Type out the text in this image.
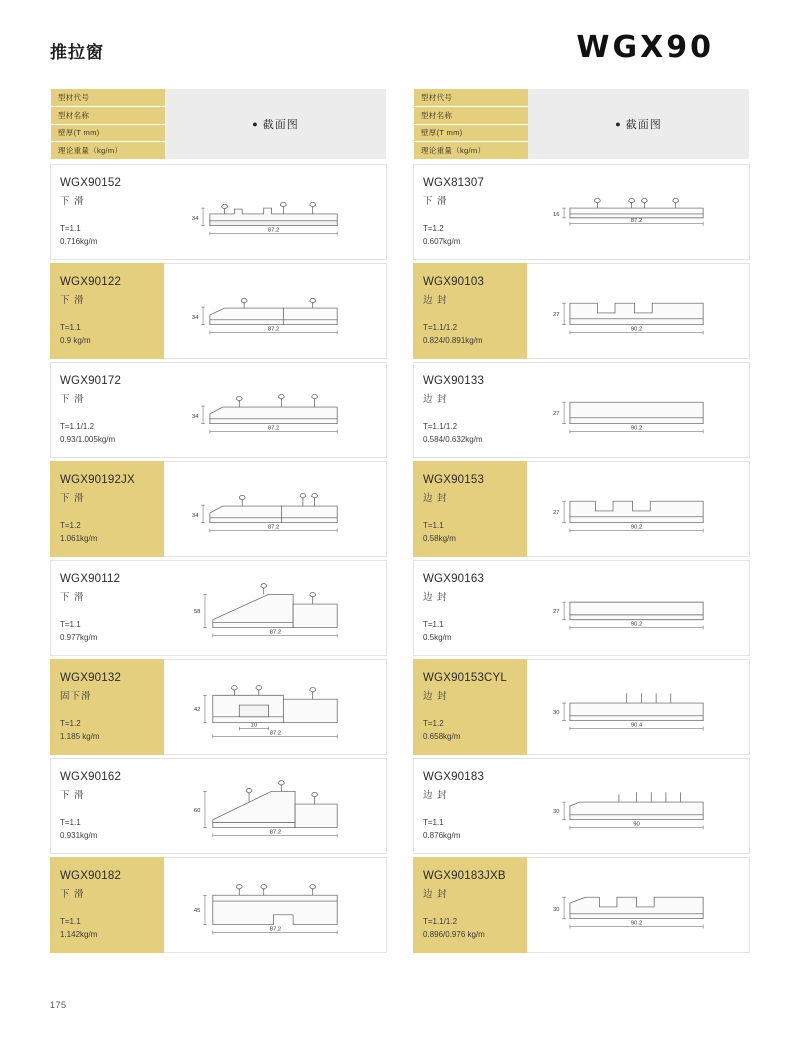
推拉窗	WGX90
型材代号
型材名称
壁厚(T mm)
理论重量（kg/m）
● 截面图
WGX90152
下 滑
T=1.1
0.716kg/m
34
87.2
WGX90122
下 滑
T=1.1
0.9 kg/m
34
87.2
WGX90172
下 滑
T=1.1/1.2
0.93/1.005kg/m
34
87.2
WGX90192JX
下 滑
T=1.2
1.061kg/m
34
87.2
WGX90112
下 滑
T=1.1
0.977kg/m
58
87.2
WGX90132
固下滑
T=1.2
1.185 kg/m
42
10
87.2
WGX90162
下 滑
T=1.1
0.931kg/m
60
87.2
WGX90182
下 滑
T=1.1
1.142kg/m
45
87.2
型材代号
型材名称
壁厚(T mm)
理论重量（kg/m）
● 截面图
WGX81307
下 滑
T=1.2
0.607kg/m
16
87.2
WGX90103
边 封
T=1.1/1.2
0.824/0.891kg/m
27
90.2
WGX90133
边 封
T=1.1/1.2
0.584/0.632kg/m
27
90.2
WGX90153
边 封
T=1.1
0.58kg/m
27
90.2
WGX90163
边 封
T=1.1
0.5kg/m
27
90.2
WGX90153CYL
边 封
T=1.2
0.658kg/m
30
90.4
WGX90183
边 封
T=1.1
0.876kg/m
30
90
WGX90183JXB
边 封
T=1.1/1.2
0.896/0.976 kg/m
30
90.2
175
